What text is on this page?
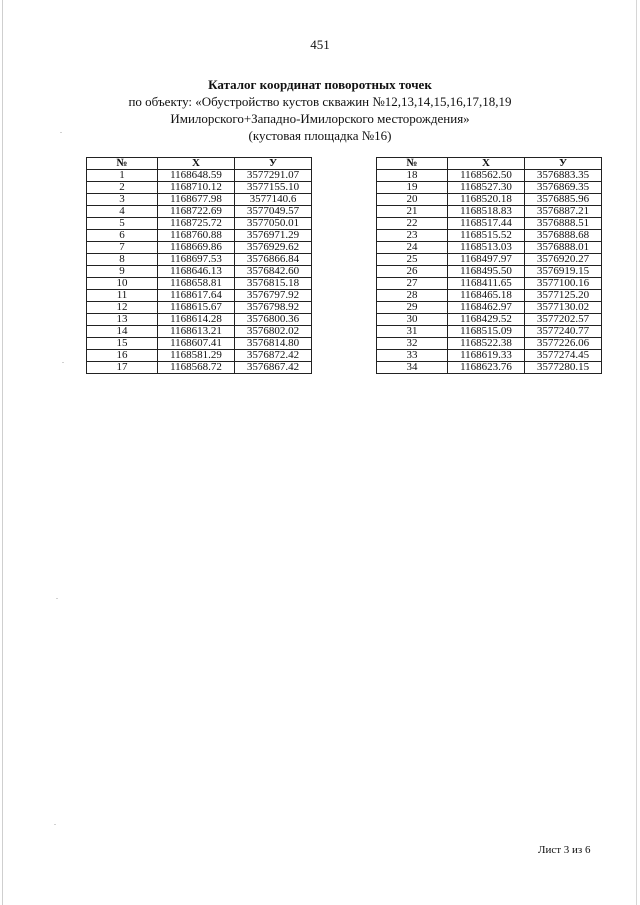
451
Каталог координат поворотных точек
по объекту: «Обустройство кустов скважин №12,13,14,15,16,17,18,19
Имилорского+Западно-Имилорского месторождения»
(кустовая площадка №16)
№	X	У
1	1168648.59	3577291.07
2	1168710.12	3577155.10
3	1168677.98	3577140.6
4	1168722.69	3577049.57
5	1168725.72	3577050.01
6	1168760.88	3576971.29
7	1168669.86	3576929.62
8	1168697.53	3576866.84
9	1168646.13	3576842.60
10	1168658.81	3576815.18
11	1168617.64	3576797.92
12	1168615.67	3576798.92
13	1168614.28	3576800.36
14	1168613.21	3576802.02
15	1168607.41	3576814.80
16	1168581.29	3576872.42
17	1168568.72	3576867.42
№	X	У
18	1168562.50	3576883.35
19	1168527.30	3576869.35
20	1168520.18	3576885.96
21	1168518.83	3576887.21
22	1168517.44	3576888.51
23	1168515.52	3576888.68
24	1168513.03	3576888.01
25	1168497.97	3576920.27
26	1168495.50	3576919.15
27	1168411.65	3577100.16
28	1168465.18	3577125.20
29	1168462.97	3577130.02
30	1168429.52	3577202.57
31	1168515.09	3577240.77
32	1168522.38	3577226.06
33	1168619.33	3577274.45
34	1168623.76	3577280.15
Лист 3 из 6
.
.
.
.
